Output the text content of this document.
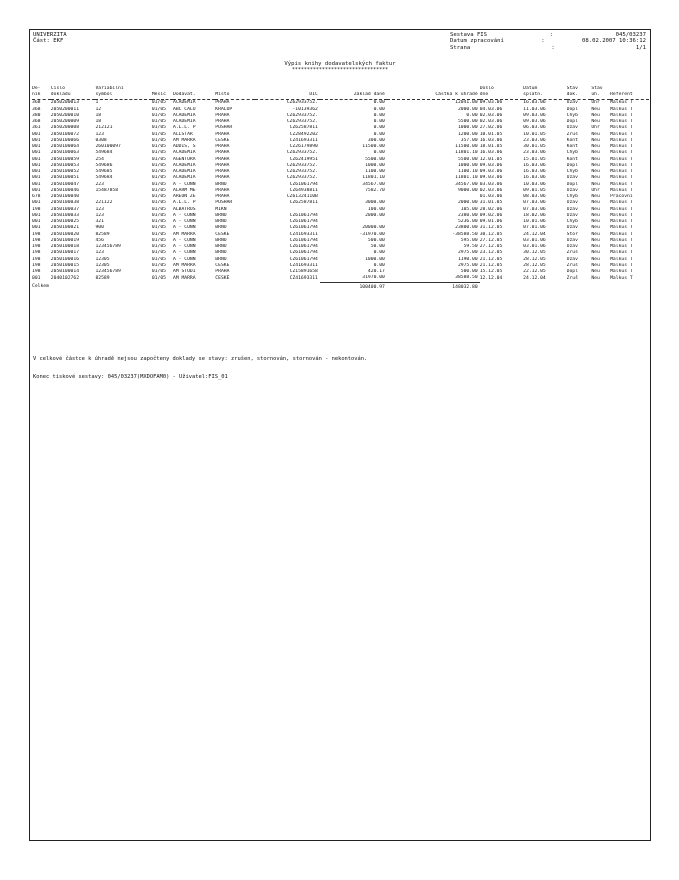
UNIVERZITA
Část: EKF
Sestava FIS	:	045/03237
Datum zpracování	:	08.02.2007 10:36:12
Strana	:	1/1
Výpis knihy dodavatelských faktur
********************************
De-	Číslo	Variabilní							Došlo	Datum	Stav	Stav	
ník	dokladu	symbol	Měsíc	Dodavat.	Místo	DIČ	Základ daně	Částka k úhradě	dne	splatn.	dok.	úh.	Referent
368	2050200013	1	01/05	ACADEMIA	PRAHA	CZ62933752.	0.00	12041.00	09.03.06	16.03.06	Uzav	Uhr	Malkus T
368	2050200011	12	01/05	ABC CALO	KRALUP	-10139362	0.00	2000.00	04.03.06	11.03.06	Dopl	Neu	Malkus T
380	2050200010	18	01/05	ACADEMIA	PRAHA	CZ62933752.	0.00	0.00	02.03.06	09.03.06	Chyb	Neu	Malkus T
368	2050200009	18	01/05	ACADEMIA	PRAHA	CZ62933752.	0.00	5500.00	02.03.06	09.03.06	Dopl	Neu	Malkus T
361	2050200008	212121	01/05	A.L.L. P	POSHAŘ	CZ62587811	0.00	1000.00	27.02.06	06.03.06	Uzav	Uhr	Malkus T
001	2050100072	123	01/05	ALLSTAR	PRAHA	CZ28492202	0.00	1200.00	10.01.05	10.01.05	Zruš	Neu	Malkus T
001	2050100066	0308	01/05	AM MARRA	ČESKÉ	CZ41693311	300.00	357.00	16.03.06	23.03.06	Kont	Neu	Malkus T
001	2050100064	260100097	01/05	ADDIS, S	PRAHA	CZ26179890	11500.00	11500.00	18.01.05	30.01.05	Kont	Neu	Malkus T
001	2050100063	549684	01/05	ACADEMIA	PRAHA	CZ62933752.	0.00	11801.10	16.03.06	23.03.06	Chyb	Neu	Malkus T
001	2050100059	254	01/05	AGENTURA	PRAHA	CZ62419951	5500.00	5500.00	12.01.05	15.01.05	Kont	Neu	Malkus T
001	2050100053	549686	01/05	ACADEMIA	PRAHA	CZ62933752.	1000.00	1000.00	09.03.06	16.03.06	Dopl	Neu	Malkus T
001	2050100052	549685	01/05	ACADEMIA	PRAHA	CZ62933752.	1100.00	1100.10	09.03.06	16.03.06	Chyb	Neu	Malkus T
001	2050100051	549684	01/05	ACADEMIA	PRAHA	CZ62933752.	11801.10	11801.10	09.03.06	16.03.06	Uzav	Neu	Malkus T
001	2050100047	223	01/05	A - CONN	BRNO	CZ61061794	34567.00	34567.00	03.03.06	10.03.06	Dopl	Neu	Malkus T
001	2050100046	15487858	01/05	ALARM ME	PRAHA	CZ64938811	7582.70	9000.00	02.03.06	09.01.05	Uzav	Uhr	Malkus T
678	2050100040		01/05	AREON ZE	PRAHA	CZ61324110B			01.03.06	08.03.06	Chyb	Neu	Pracovní
001	2050100038	221122	01/05	A.L.L. P	POSHAŘ	CZ62587811	3000.00	2000.00	31.01.05	07.03.06	Uzav	Neu	Malkus T
198	2050100037	123	01/05	ALBATROS	MIKN		100.00	105.00	28.02.06	07.03.06	Uzav	Neu	Malkus T
001	2050100033	123	01/05	A - CONN	BRNO	CZ61061794	2000.00	2380.00	09.02.06	18.02.06	Uzav	Neu	Malkus T
001	2050100025	321	01/05	A - CONN	BRNO	CZ61061794		5236.00	09.01.06	10.01.06	Chyb	Neu	Malkus T
001	2050100021	900	01/05	A - CONN	BRNO	CZ61061794	20000.00	23800.00	31.12.05	07.01.06	Uzav	Neu	Malkus T
198	2050100020	82589	01/05	AM MARRA	ČESKÉ	CZ41693311	-31970.00	-38588.50	30.12.05	24.12.04	Stor	Neu	Malkus T
198	2050100019	456	01/05	A - CONN	BRNO	CZ61061794	500.00	595.00	27.12.05	03.01.06	Uzav	Neu	Malkus T
198	2050100018	123456789	01/05	A - CONN	BRNO	CZ61061794	50.00	59.50	27.12.05	03.01.06	Uzav	Neu	Malkus T
198	2050100017	123	01/05	A - CONN	BRNO	CZ61061794	0.00	2975.00	23.12.05	30.12.05	Zruš	Neu	Malkus T
198	2050100016	12305	01/05	A - CONN	BRNO	CZ61061794	1000.00	1190.00	21.12.05	28.12.05	Uzav	Neu	Malkus T
198	2050100015	12305	01/05	AM MARRA	ČESKÉ	CZ41693311	0.00	2975.00	21.12.05	28.12.05	Zruš	Neu	Malkus T
198	2050100014	123456789	01/05	AM STUDI	PRAHA	CZ15891658	420.17	500.00	15.12.05	22.12.05	Dopl	Neu	Malkus T
001	2040102762	82589	01/05	AM MARRA	ČESKÉ	CZ41693311	31970.00	38588.50	12.12.04	24.12.04	Zruš	Neu	Malkus T
Celkem							100400.97	148032.80					
V celkové částce k úhradě nejsou započteny doklady se stavy: zrušen, stornován, stornován - nekontován.
Konec tiskové sestavy: 045/03237(MXDOFAM0) - Uživatel:FIS_01
